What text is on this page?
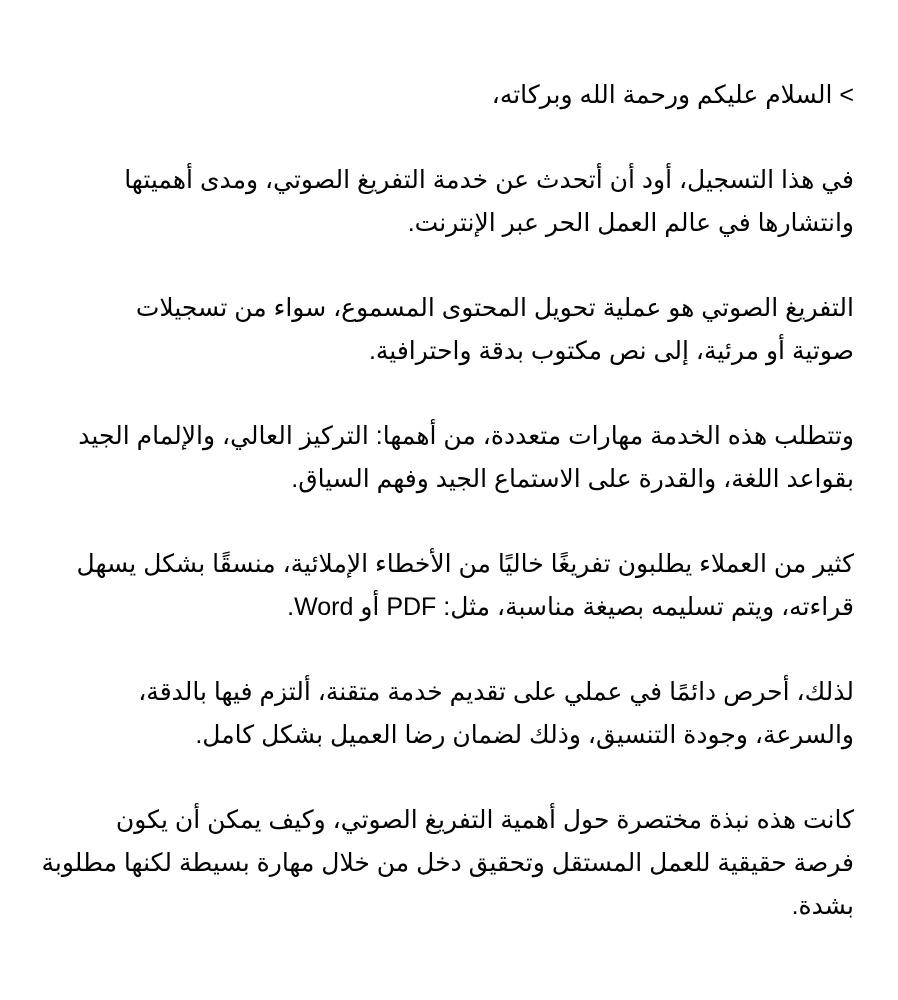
> السلام عليكم ورحمة الله وبركاته،

في هذا التسجيل، أود أن أتحدث عن خدمة التفريغ الصوتي، ومدى أهميتها
وانتشارها في عالم العمل الحر عبر الإنترنت.

التفريغ الصوتي هو عملية تحويل المحتوى المسموع، سواء من تسجيلات
صوتية أو مرئية، إلى نص مكتوب بدقة واحترافية.

وتتطلب هذه الخدمة مهارات متعددة، من أهمها: التركيز العالي، والإلمام الجيد
بقواعد اللغة، والقدرة على الاستماع الجيد وفهم السياق.

كثير من العملاء يطلبون تفريغًا خاليًا من الأخطاء الإملائية، منسقًا بشكل يسهل
قراءته، ويتم تسليمه بصيغة مناسبة، مثل: PDF أو Word.

لذلك، أحرص دائمًا في عملي على تقديم خدمة متقنة، ألتزم فيها بالدقة،
والسرعة، وجودة التنسيق، وذلك لضمان رضا العميل بشكل كامل.

كانت هذه نبذة مختصرة حول أهمية التفريغ الصوتي، وكيف يمكن أن يكون
فرصة حقيقية للعمل المستقل وتحقيق دخل من خلال مهارة بسيطة لكنها مطلوبة
بشدة.
